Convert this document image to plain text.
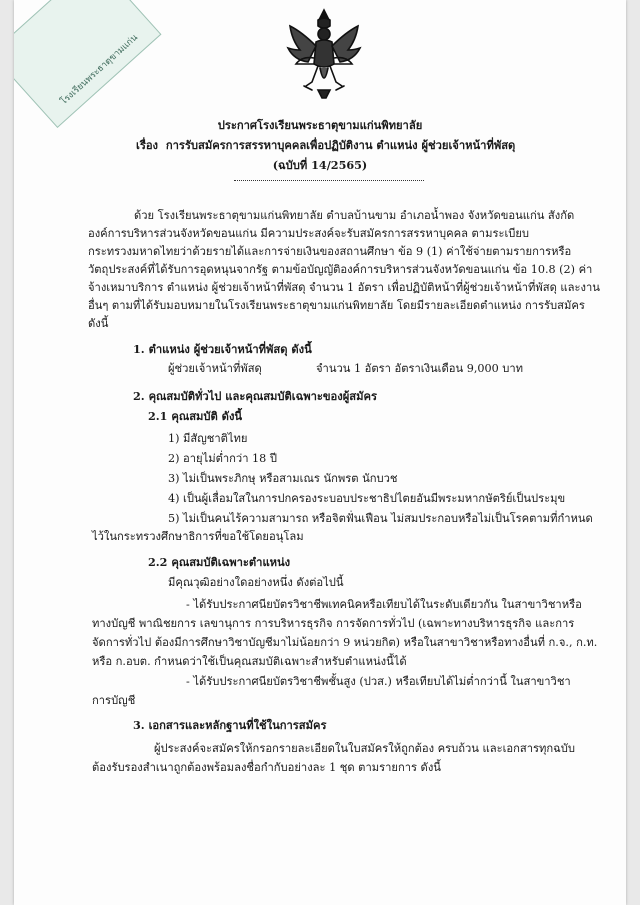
โรงเรียนพระธาตุขามแก่น
ประกาศโรงเรียนพระธาตุขามแก่นพิทยาลัย
เรื่อง การรับสมัครการสรรหาบุคคลเพื่อปฏิบัติงาน ตำแหน่ง ผู้ช่วยเจ้าหน้าที่พัสดุ
(ฉบับที่ 14/2565)
ด้วย โรงเรียนพระธาตุขามแก่นพิทยาลัย ตำบลบ้านขาม อำเภอน้ำพอง จังหวัดขอนแก่น สังกัด
องค์การบริหารส่วนจังหวัดขอนแก่น มีความประสงค์จะรับสมัครการสรรหาบุคคล ตามระเบียบ
กระทรวงมหาดไทยว่าด้วยรายได้และการจ่ายเงินของสถานศึกษา ข้อ 9 (1) ค่าใช้จ่ายตามรายการหรือ
วัตถุประสงค์ที่ได้รับการอุดหนุนจากรัฐ ตามข้อบัญญัติองค์การบริหารส่วนจังหวัดขอนแก่น ข้อ 10.8 (2) ค่า
จ้างเหมาบริการ ตำแหน่ง ผู้ช่วยเจ้าหน้าที่พัสดุ จำนวน 1 อัตรา เพื่อปฏิบัติหน้าที่ผู้ช่วยเจ้าหน้าที่พัสดุ และงาน
อื่นๆ ตามที่ได้รับมอบหมายในโรงเรียนพระธาตุขามแก่นพิทยาลัย โดยมีรายละเอียดตำแหน่ง การรับสมัคร
ดังนี้
1. ตำแหน่ง ผู้ช่วยเจ้าหน้าที่พัสดุ ดังนี้
ผู้ช่วยเจ้าหน้าที่พัสดุ	จำนวน 1 อัตรา อัตราเงินเดือน 9,000 บาท
2. คุณสมบัติทั่วไป และคุณสมบัติเฉพาะของผู้สมัคร
2.1 คุณสมบัติ ดังนี้
1) มีสัญชาติไทย
2) อายุไม่ต่ำกว่า 18 ปี
3) ไม่เป็นพระภิกษุ หรือสามเณร นักพรต นักบวช
4) เป็นผู้เลื่อมใสในการปกครองระบอบประชาธิปไตยอันมีพระมหากษัตริย์เป็นประมุข
5) ไม่เป็นคนไร้ความสามารถ หรือจิตฟั่นเฟือน ไม่สมประกอบหรือไม่เป็นโรคตามที่กำหนด
ไว้ในกระทรวงศึกษาธิการที่ขอใช้โดยอนุโลม
2.2 คุณสมบัติเฉพาะตำแหน่ง
มีคุณวุฒิอย่างใดอย่างหนึ่ง ดังต่อไปนี้
- ได้รับประกาศนียบัตรวิชาชีพเทคนิคหรือเทียบได้ในระดับเดียวกัน ในสาขาวิชาหรือ
ทางบัญชี พาณิชยการ เลขานุการ การบริหารธุรกิจ การจัดการทั่วไป (เฉพาะทางบริหารธุรกิจ และการ
จัดการทั่วไป ต้องมีการศึกษาวิชาบัญชีมาไม่น้อยกว่า 9 หน่วยกิต) หรือในสาขาวิชาหรือทางอื่นที่ ก.จ., ก.ท.
หรือ ก.อบต. กำหนดว่าใช้เป็นคุณสมบัติเฉพาะสำหรับตำแหน่งนี้ได้
- ได้รับประกาศนียบัตรวิชาชีพชั้นสูง (ปวส.) หรือเทียบได้ไม่ต่ำกว่านี้ ในสาขาวิชา
การบัญชี
3. เอกสารและหลักฐานที่ใช้ในการสมัคร
ผู้ประสงค์จะสมัครให้กรอกรายละเอียดในใบสมัครให้ถูกต้อง ครบถ้วน และเอกสารทุกฉบับ
ต้องรับรองสำเนาถูกต้องพร้อมลงชื่อกำกับอย่างละ 1 ชุด ตามรายการ ดังนี้
